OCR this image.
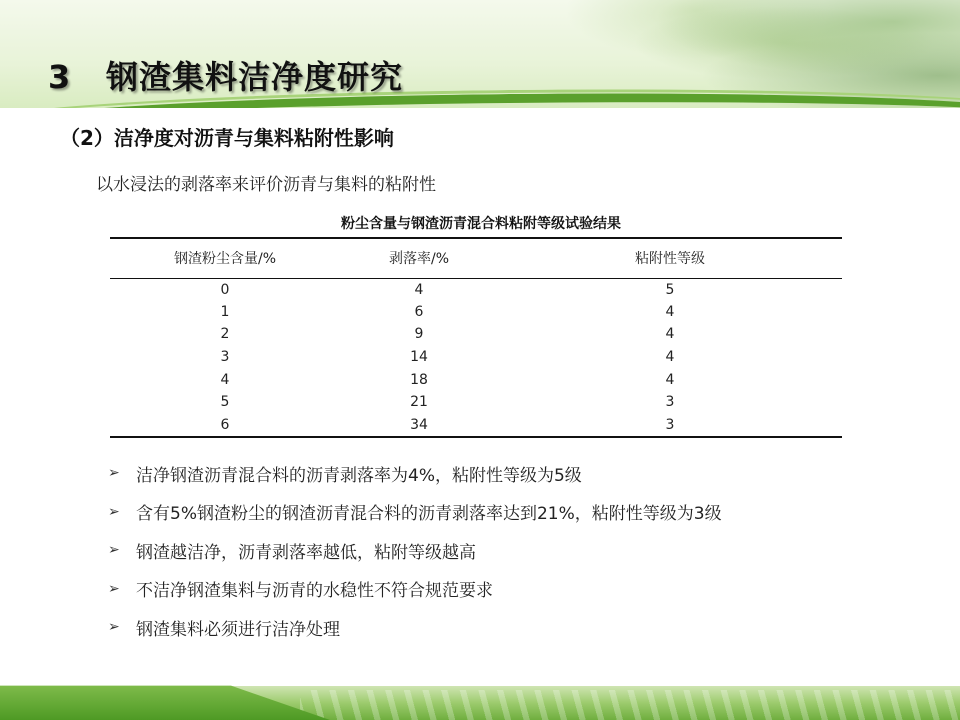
3 钢渣集料洁净度研究
（2）洁净度对沥青与集料粘附性影响
以水浸法的剥落率来评价沥青与集料的粘附性
粉尘含量与钢渣沥青混合料粘附等级试验结果
钢渣粉尘含量/%	剥落率/%	粘附性等级
0	4	5
1	6	4
2	9	4
3	14	4
4	18	4
5	21	3
6	34	3
➢ 洁净钢渣沥青混合料的沥青剥落率为4%，粘附性等级为5级
➢ 含有5%钢渣粉尘的钢渣沥青混合料的沥青剥落率达到21%，粘附性等级为3级
➢ 钢渣越洁净，沥青剥落率越低，粘附等级越高
➢ 不洁净钢渣集料与沥青的水稳性不符合规范要求
➢ 钢渣集料必须进行洁净处理
